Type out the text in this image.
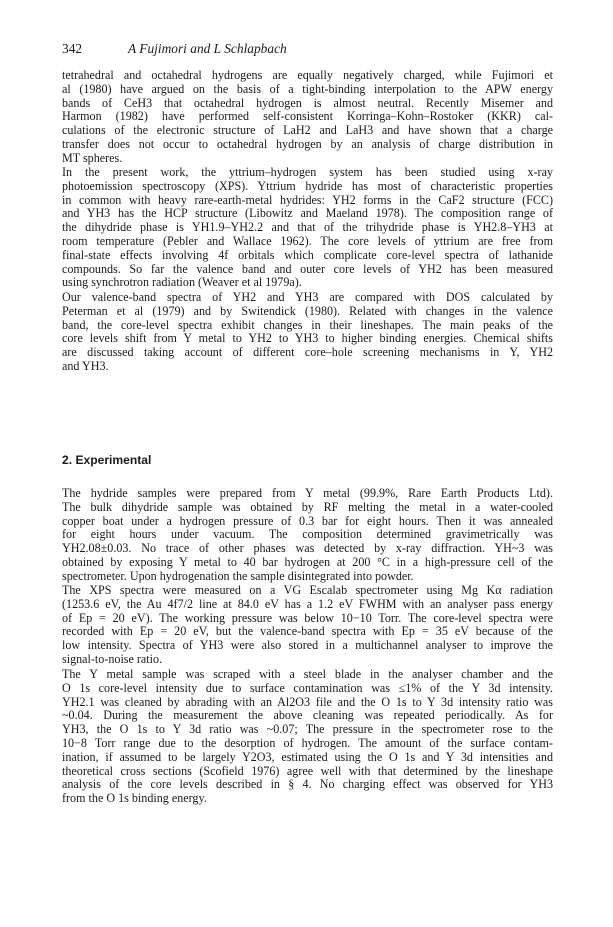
342	A Fujimori and L Schlapbach
tetrahedral and octahedral hydrogens are equally negatively charged, while Fujimori et
al (1980) have argued on the basis of a tight-binding interpolation to the APW energy
bands of CeH3 that octahedral hydrogen is almost neutral. Recently Misemer and
Harmon (1982) have performed self-consistent Korringa–Kohn–Rostoker (KKR) cal-
culations of the electronic structure of LaH2 and LaH3 and have shown that a charge
transfer does not occur to octahedral hydrogen by an analysis of charge distribution in
MT spheres.
In the present work, the yttrium–hydrogen system has been studied using x-ray
photoemission spectroscopy (XPS). Yttrium hydride has most of characteristic properties
in common with heavy rare-earth-metal hydrides: YH2 forms in the CaF2 structure (FCC)
and YH3 has the HCP structure (Libowitz and Maeland 1978). The composition range of
the dihydride phase is YH1.9–YH2.2 and that of the trihydride phase is YH2.8–YH3 at
room temperature (Pebler and Wallace 1962). The core levels of yttrium are free from
final-state effects involving 4f orbitals which complicate core-level spectra of lathanide
compounds. So far the valence band and outer core levels of YH2 has been measured
using synchrotron radiation (Weaver et al 1979a).
Our valence-band spectra of YH2 and YH3 are compared with DOS calculated by
Peterman et al (1979) and by Switendick (1980). Related with changes in the valence
band, the core-level spectra exhibit changes in their lineshapes. The main peaks of the
core levels shift from Y metal to YH2 to YH3 to higher binding energies. Chemical shifts
are discussed taking account of different core–hole screening mechanisms in Y, YH2
and YH3.
2. Experimental
The hydride samples were prepared from Y metal (99.9%, Rare Earth Products Ltd).
The bulk dihydride sample was obtained by RF melting the metal in a water-cooled
copper boat under a hydrogen pressure of 0.3 bar for eight hours. Then it was annealed
for eight hours under vacuum. The composition determined gravimetrically was
YH2.08±0.03. No trace of other phases was detected by x-ray diffraction. YH~3 was
obtained by exposing Y metal to 40 bar hydrogen at 200 °C in a high-pressure cell of the
spectrometer. Upon hydrogenation the sample disintegrated into powder.
The XPS spectra were measured on a VG Escalab spectrometer using Mg Kα radiation
(1253.6 eV, the Au 4f7/2 line at 84.0 eV has a 1.2 eV FWHM with an analyser pass energy
of Ep = 20 eV). The working pressure was below 10−10 Torr. The core-level spectra were
recorded with Ep = 20 eV, but the valence-band spectra with Ep = 35 eV because of the
low intensity. Spectra of YH3 were also stored in a multichannel analyser to improve the
signal-to-noise ratio.
The Y metal sample was scraped with a steel blade in the analyser chamber and the
O 1s core-level intensity due to surface contamination was ≤1% of the Y 3d intensity.
YH2.1 was cleaned by abrading with an Al2O3 file and the O 1s to Y 3d intensity ratio was
~0.04. During the measurement the above cleaning was repeated periodically. As for
YH3, the O 1s to Y 3d ratio was ~0.07; The pressure in the spectrometer rose to the
10−8 Torr range due to the desorption of hydrogen. The amount of the surface contam-
ination, if assumed to be largely Y2O3, estimated using the O 1s and Y 3d intensities and
theoretical cross sections (Scofield 1976) agree well with that determined by the lineshape
analysis of the core levels described in § 4. No charging effect was observed for YH3
from the O 1s binding energy.
